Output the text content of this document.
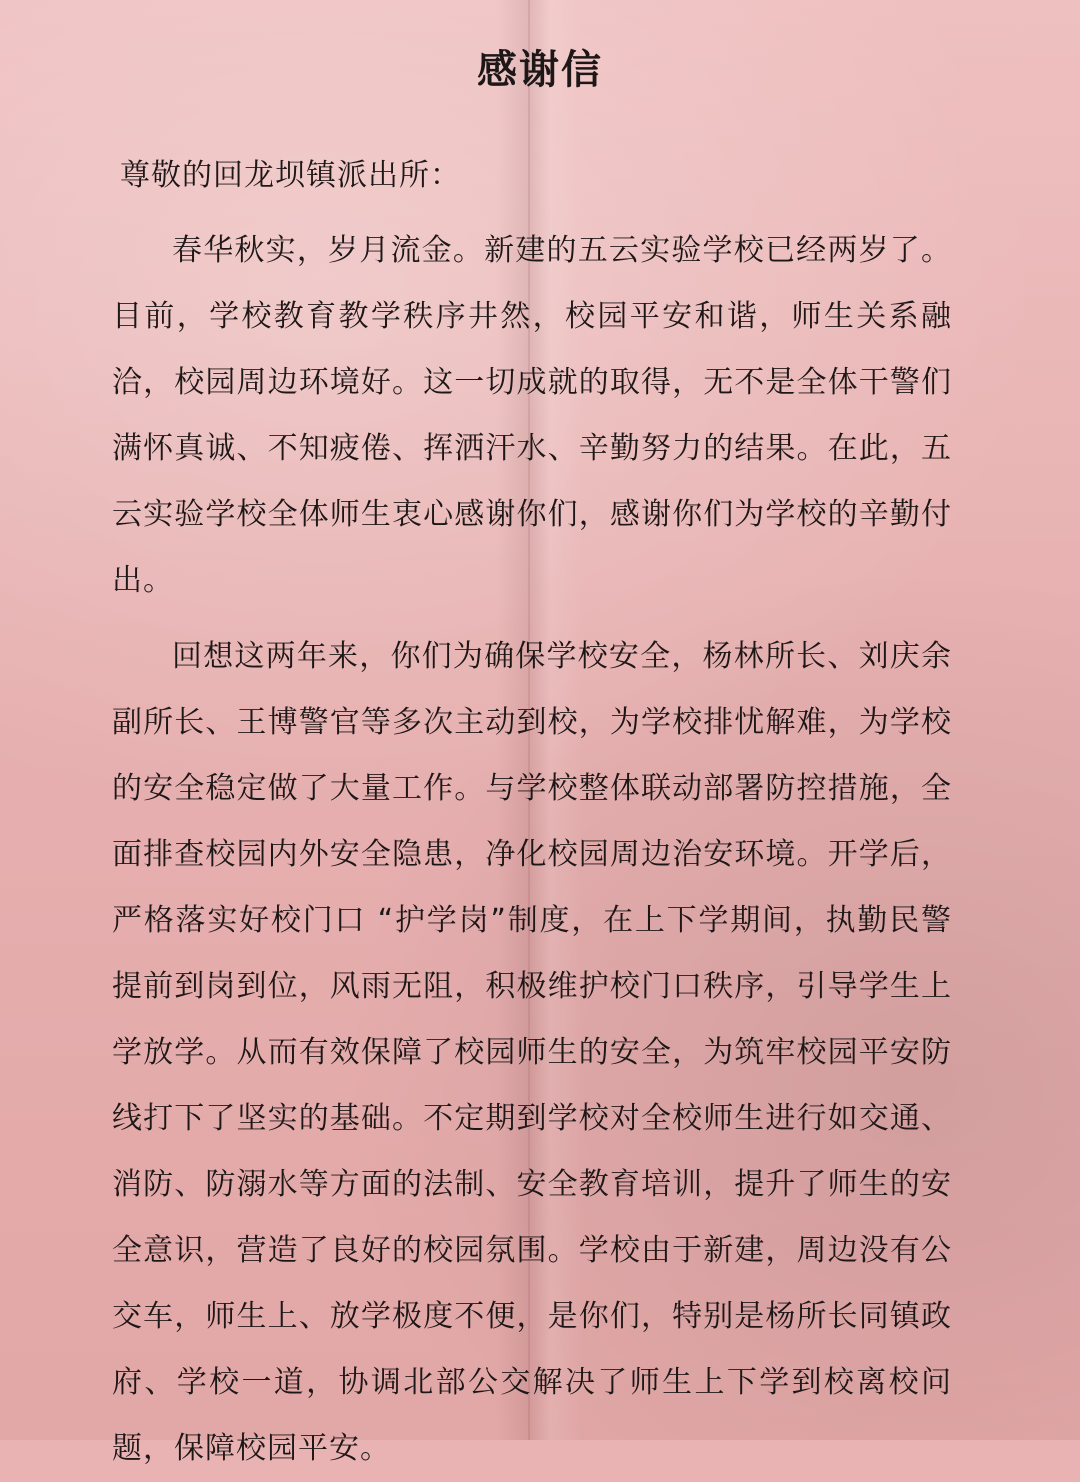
感谢信
尊敬的回龙坝镇派出所：

春华秋实，岁月流金。新建的五云实验学校已经两岁了。目前，学校教育教学秩序井然，校园平安和谐，师生关系融洽，校园周边环境好。这一切成就的取得，无不是全体干警们满怀真诚、不知疲倦、挥洒汗水、辛勤努力的结果。在此，五云实验学校全体师生衷心感谢你们，感谢你们为学校的辛勤付出。

回想这两年来，你们为确保学校安全，杨林所长、刘庆余副所长、王博警官等多次主动到校，为学校排忧解难，为学校的安全稳定做了大量工作。与学校整体联动部署防控措施，全面排查校园内外安全隐患，净化校园周边治安环境。开学后，严格落实好校门口 “护学岗”制度，在上下学期间，执勤民警提前到岗到位，风雨无阻，积极维护校门口秩序，引导学生上学放学。从而有效保障了校园师生的安全，为筑牢校园平安防线打下了坚实的基础。不定期到学校对全校师生进行如交通、消防、防溺水等方面的法制、安全教育培训，提升了师生的安全意识，营造了良好的校园氛围。学校由于新建，周边没有公交车，师生上、放学极度不便，是你们，特别是杨所长同镇政府、学校一道，协调北部公交解决了师生上下学到校离校问题，保障校园平安。
